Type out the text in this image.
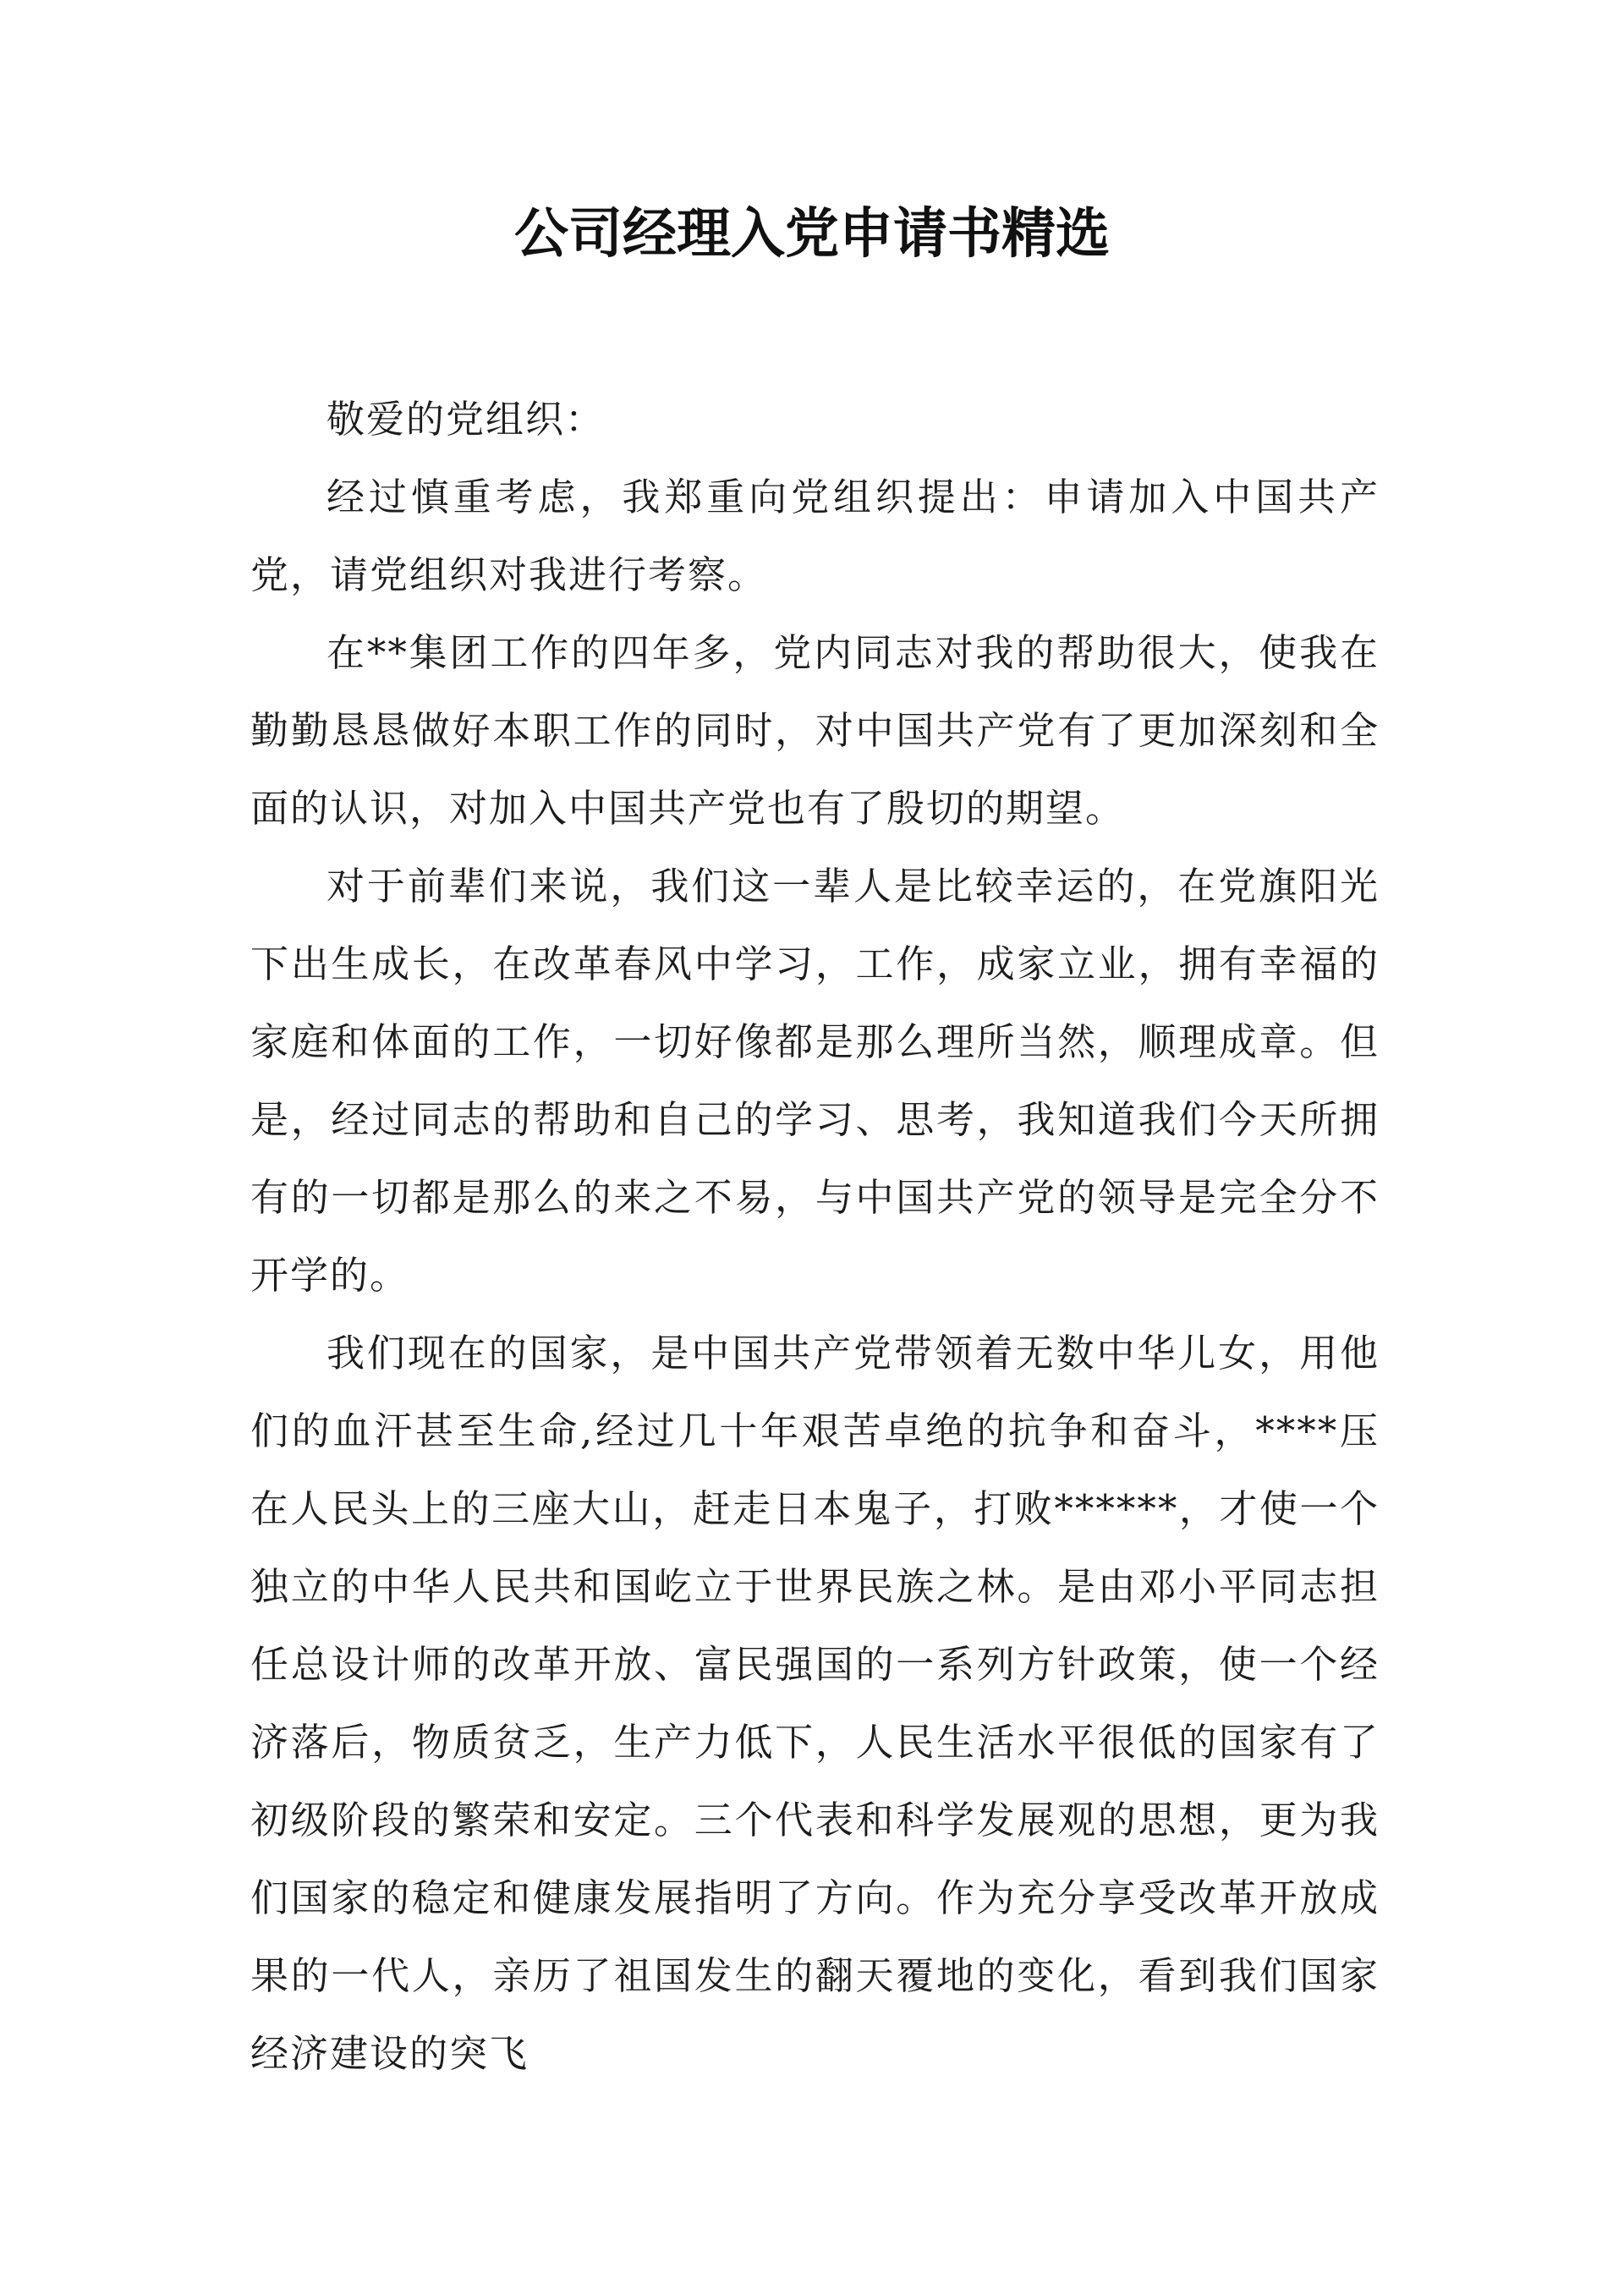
公司经理入党申请书精选

敬爱的党组织：

经过慎重考虑，我郑重向党组织提出：申请加入中国共产党，请党组织对我进行考察。

在**集团工作的四年多，党内同志对我的帮助很大，使我在勤勤恳恳做好本职工作的同时，对中国共产党有了更加深刻和全面的认识，对加入中国共产党也有了殷切的期望。

对于前辈们来说，我们这一辈人是比较幸运的，在党旗阳光下出生成长，在改革春风中学习，工作，成家立业，拥有幸福的家庭和体面的工作，一切好像都是那么理所当然，顺理成章。但是，经过同志的帮助和自己的学习、思考，我知道我们今天所拥有的一切都是那么的来之不易，与中国共产党的领导是完全分不开学的。

我们现在的国家，是中国共产党带领着无数中华儿女，用他们的血汗甚至生命,经过几十年艰苦卓绝的抗争和奋斗，****压在人民头上的三座大山，赶走日本鬼子，打败******，才使一个独立的中华人民共和国屹立于世界民族之林。是由邓小平同志担任总设计师的改革开放、富民强国的一系列方针政策，使一个经济落后，物质贫乏，生产力低下，人民生活水平很低的国家有了初级阶段的繁荣和安定。三个代表和科学发展观的思想，更为我们国家的稳定和健康发展指明了方向。作为充分享受改革开放成果的一代人，亲历了祖国发生的翻天覆地的变化，看到我们国家经济建设的突飞
